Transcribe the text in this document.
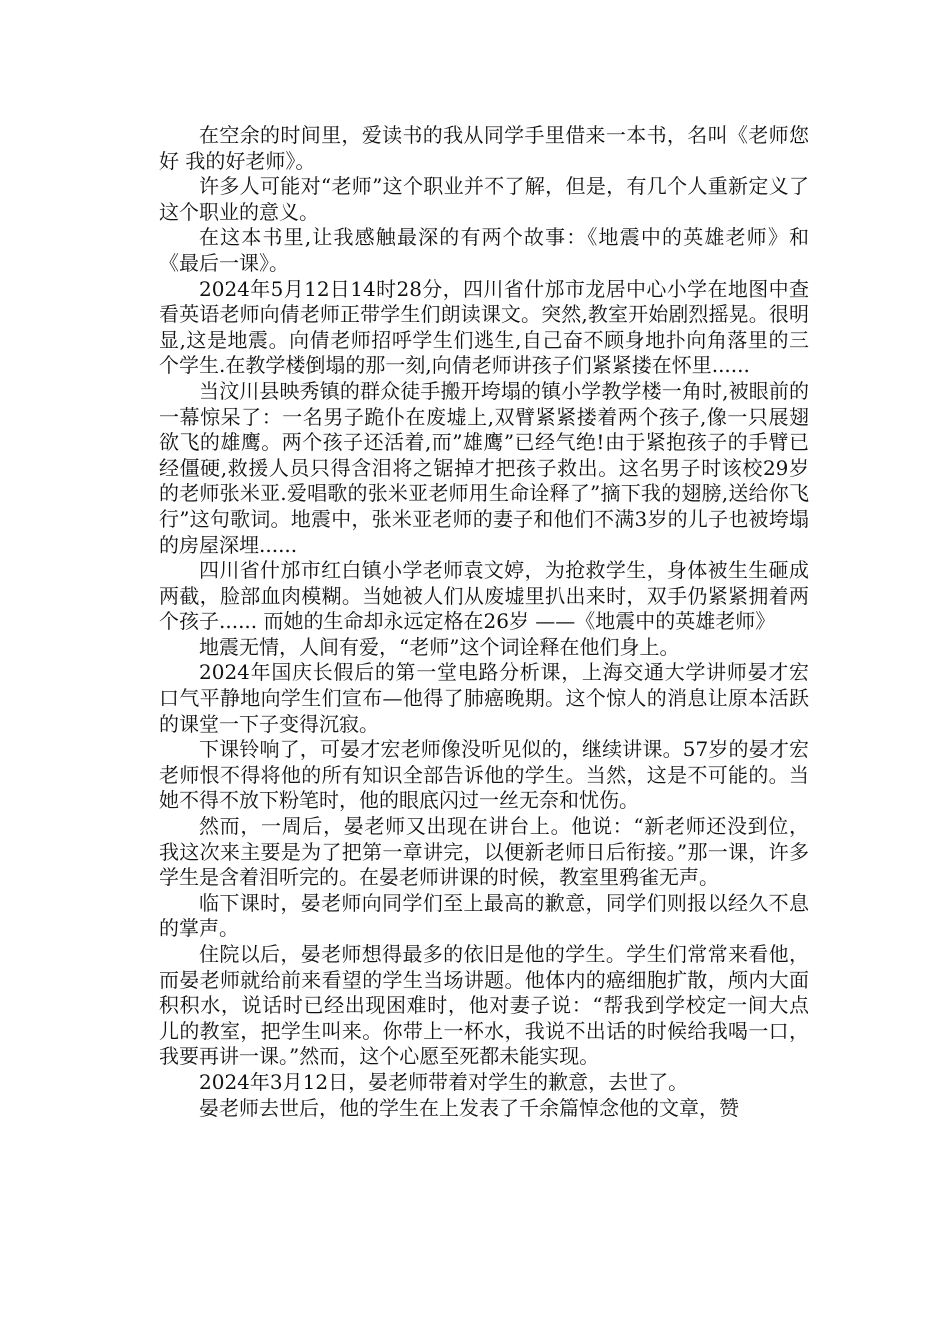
在空余的时间里，爱读书的我从同学手里借来一本书，名叫《老师您好 我的好老师》。

许多人可能对“老师”这个职业并不了解，但是，有几个人重新定义了这个职业的意义。

在这本书里,让我感触最深的有两个故事：《地震中的英雄老师》和《最后一课》。

2024年5月12日14时28分，四川省什邡市龙居中心小学在地图中查看英语老师向倩老师正带学生们朗读课文。突然,教室开始剧烈摇晃。很明显,这是地震。向倩老师招呼学生们逃生,自己奋不顾身地扑向角落里的三个学生.在教学楼倒塌的那一刻,向倩老师讲孩子们紧紧搂在怀里......

当汶川县映秀镇的群众徒手搬开垮塌的镇小学教学楼一角时,被眼前的一幕惊呆了：一名男子跪仆在废墟上,双臂紧紧搂着两个孩子,像一只展翅欲飞的雄鹰。两个孩子还活着,而”雄鹰”已经气绝!由于紧抱孩子的手臂已经僵硬,救援人员只得含泪将之锯掉才把孩子救出。这名男子时该校29岁的老师张米亚.爱唱歌的张米亚老师用生命诠释了”摘下我的翅膀,送给你飞行”这句歌词。地震中，张米亚老师的妻子和他们不满3岁的儿子也被垮塌的房屋深埋......

四川省什邡市红白镇小学老师袁文婷，为抢救学生，身体被生生砸成两截，脸部血肉模糊。当她被人们从废墟里扒出来时，双手仍紧紧拥着两个孩子...... 而她的生命却永远定格在26岁 ——《地震中的英雄老师》

地震无情，人间有爱，“老师”这个词诠释在他们身上。

2024年国庆长假后的第一堂电路分析课，上海交通大学讲师晏才宏口气平静地向学生们宣布—他得了肺癌晚期。这个惊人的消息让原本活跃的课堂一下子变得沉寂。

下课铃响了，可晏才宏老师像没听见似的，继续讲课。57岁的晏才宏老师恨不得将他的所有知识全部告诉他的学生。当然，这是不可能的。当她不得不放下粉笔时，他的眼底闪过一丝无奈和忧伤。

然而，一周后，晏老师又出现在讲台上。他说：“新老师还没到位，我这次来主要是为了把第一章讲完，以便新老师日后衔接。”那一课，许多学生是含着泪听完的。在晏老师讲课的时候，教室里鸦雀无声。

临下课时，晏老师向同学们至上最高的歉意，同学们则报以经久不息的掌声。

住院以后，晏老师想得最多的依旧是他的学生。学生们常常来看他，而晏老师就给前来看望的学生当场讲题。他体内的癌细胞扩散，颅内大面积积水，说话时已经出现困难时，他对妻子说：“帮我到学校定一间大点儿的教室，把学生叫来。你带上一杯水，我说不出话的时候给我喝一口，我要再讲一课。”然而，这个心愿至死都未能实现。

2024年3月12日，晏老师带着对学生的歉意，去世了。

晏老师去世后，他的学生在上发表了千余篇悼念他的文章，赞
